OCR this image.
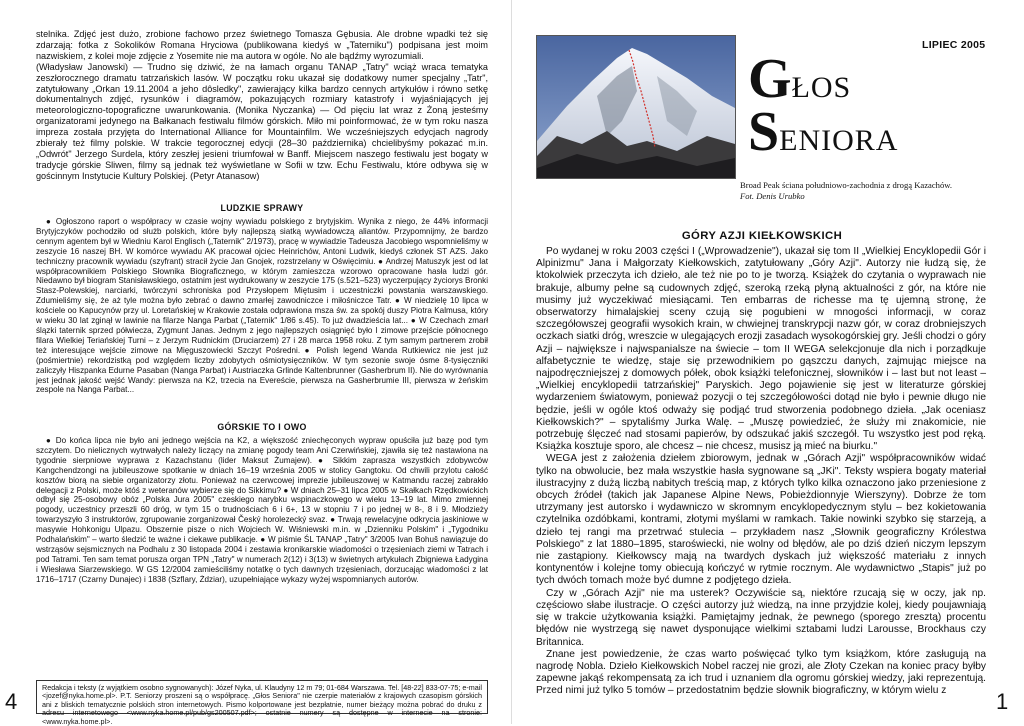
stelnika. Zdjęć jest dużo, zrobione fachowo przez świetnego Tomasza Gębusia. Ale drobne wpadki też się zdarzają: fotka z Sokolików Romana Hryciowa (publikowana kiedyś w „Taterniku") podpisana jest moim nazwiskiem, z kolei moje zdjęcie z Yosemite nie ma autora w ogóle. No ale bądźmy wyrozumiali.

(Władysław Janowski) — Trudno się dziwić, że na łamach organu TANAP „Tatry" wciąż wraca tematyka zeszłorocznego dramatu tatrzańskich lasów. W początku roku ukazał się dodatkowy numer specjalny „Tatr", zatytułowany „Orkan 19.11.2004 a jeho dôsledky", zawierający kilka bardzo cennych artykułów i równo setkę dokumentalnych zdjęć, rysunków i diagramów, pokazujących rozmiary katastrofy i wyjaśniających jej meteorologiczno-topograficzne uwarunkowania. (Monika Nyczanka) — Od pięciu lat wraz z Żoną jesteśmy organizatorami jedynego na Bałkanach festiwalu filmów górskich. Miło mi poinformować, że w tym roku nasza impreza została przyjęta do International Alliance for Mountainfilm. We wcześniejszych edycjach nagrody zbierały też filmy polskie. W trakcie tegorocznej edycji (28–30 października) chcielibyśmy pokazać m.in. „Odwrót" Jerzego Surdela, który zeszłej jesieni triumfował w Banff. Miejscem naszego festiwalu jest bogaty w tradycje górskie Sliwen, filmy są jednak też wyświetlane w Sofii w tzw. Echu Festiwalu, które odbywa się w gościnnym Instytucie Kultury Polskiej. (Petyr Atanasow)

LUDZKIE SPRAWY

● Ogłoszono raport o współpracy w czasie wojny wywiadu polskiego z brytyjskim. Wynika z niego, że 44% informacji Brytyjczyków pochodziło od służb polskich, które były najlepszą siatką wywiadowczą aliantów. Przypomnijmy, że bardzo cennym agentem był w Wiedniu Karol Englisch („Taternik" 2/1973), pracę w wywiadzie Tadeusza Jacobiego wspomnieliśmy w zeszycie 16 naszej BH. W komórce wywiadu AK pracował ojciec Heinrichów, Antoni Ludwik, kiedyś członek ST AZS. Jako techniczny pracownik wywiadu (szyfrant) stracił życie Jan Gnojek, rozstrzelany w Oświęcimiu. ● Andrzej Matuszyk jest od lat współpracownikiem Polskiego Słownika Biograficznego, w którym zamieszcza wzorowo opracowane hasła ludzi gór. Niedawno był biogram Stanisławskiego, ostatnim jest wydrukowany w zeszycie 175 (s.521–523) wyczerpujący życiorys Bronki Stasz-Polewskiej, narciarki, twórczyni schroniska pod Przysłopem Miętusim i uczestniczki powstania warszawskiego. Zdumieliśmy się, że aż tyle można było zebrać o dawno zmarłej zawodniczce i miłośniczce Tatr. ● W niedzielę 10 lipca w kościele oo Kapucynów przy ul. Loretańskiej w Krakowie została odprawiona msza św. za spokój duszy Piotra Kalmusa, który w wieku 30 lat zginął w lawinie na filarze Nanga Parbat („Taternik" 1/86 s.45). To już dwadzieścia lat... ● W Czechach zmarł ślązki taternik sprzed półwiecza, Zygmunt Janas. Jednym z jego najlepszych osiągnięć było I zimowe przejście północnego filara Wielkiej Teriańskiej Turni – z Jerzym Rudnickim (Druciarzem) 27 i 28 marca 1958 roku. Z tym samym partnerem zrobił też interesujące wejście zimowe na Mięguszowiecki Szczyt Pośredni. ● Polish legend Wanda Rutkiewicz nie jest już (pośmiertnie) rekordzistką pod względem liczby zdobytych ośmiotysięczników. W tym sezonie swoje ósme 8-tysięczniki zaliczyły Hiszpanka Edurne Pasaban (Nanga Parbat) i Austriaczka Grlinde Kaltenbrunner (Gasherbrum II). Nie do wyrównania jest jednak jakość wejść Wandy: pierwsza na K2, trzecia na Evereście, pierwsza na Gasherbrumie III, pierwsza w żeńskim zespole na Nanga Parbat...

GÓRSKIE TO I OWO

● Do końca lipca nie było ani jednego wejścia na K2, a większość zniechęconych wypraw opuściła już bazę pod tym szczytem. Do nielicznych wytrwałych należy liczący na zmianę pogody team Ani Czerwińskiej, zjawiła się też nastawiona na tygodnie sierpniowe wyprawa z Kazachstanu (lider Maksut Żumajew). ● Sikkim zaprasza wszystkich zdobywców Kangchendzongi na jubileuszowe spotkanie w dniach 16–19 września 2005 w stolicy Gangtoku. Od chwili przylotu całość kosztów biorą na siebie organizatorzy złotu. Ponieważ na czerwcowej imprezie jubileuszowej w Katmandu raczej zabrakło delegacji z Polski, może któś z weteranów wybierze się do Sikkimu? ● W dniach 25–31 lipca 2005 w Skałkach Rzędkowickich odbył się 25-osobowy obóz „Polska Jura 2005" czeskiego narybku wspinaczkowego w wieku 13–19 lat. Mimo zmiennej pogody, uczestnicy przeszli 60 dróg, w tym 15 o trudnościach 6 i 6+, 13 w stopniu 7 i po jednej w 8-, 8 i 9. Młodzieży towarzyszyło 3 instruktorów, zgrupowanie zorganizował Český horolezecký svaz. ● Trwają rewelacyjne odkrycia jaskiniowe w masywie Hohkonigu Ulpazu. Obszernie pisze o nich Wojciech W. Wiśniewski m.in. w „Dzienniku Polskim" i „Tygodniku Podhalańskim" – warto śledzić te ważne i ciekawe publikacje. ● W piśmie ŚL TANAP „Tatry" 3/2005 Ivan Bohuš nawiązuje do wstrząsów sejsmicznych na Podhalu z 30 listopada 2004 i zestawia kronikarskie wiadomości o trzęsieniach ziemi w Tatrach i pod Tatrami. Ten sam temat porusza organ TPN „Tatry" w numerach 2(12) i 3(13) w świetnych artykułach Zbigniewa Ładygina i Wiesława Siarzewskiego. W GS 12/2004 zamieściliśmy notatkę o tych dawnych trzęsieniach, dorzucając wiadomości z lat 1716–1717 (Czarny Dunajec) i 1838 (Szflary, Żdziar), uzupełniające wykazy wyżej wspomnianych autorów.

Redakcja i teksty (z wyjątkiem osobno sygnowanych): Józef Nyka, ul. Klaudyny 12 m 79; 01-684 Warszawa. Tel. [48-22] 833-07-75; e-mail <jozef@nyka.home.pl>. P.T. Seniorzy proszeni są o współpracę. „Głos Seniora" nie czerpie materiałów z krajowych czasopism górskich ani z bliskich tematycznie polskich stron internetowych. Pismo kolportowane jest bezpłatnie, numer bieżący można pobrać do druku z adresu internetowego <www.nyka.home.pl/pub/gs200507.pdf>; ostatnie numery są dostępne w internecie na stronie: <www.nyka.home.pl>.

4
LIPIEC 2005
GŁOS
SENIORA
Broad Peak ściana południowo-zachodnia z drogą Kazachów.
Fot. Denis Urubko
GÓRY AZJI KIEŁKOWSKICH

Po wydanej w roku 2003 części I („Wprowadzenie"), ukazał się tom II „Wielkiej Encyklopedii Gór i Alpinizmu" Jana i Małgorzaty Kiełkowskich, zatytułowany „Góry Azji". Autorzy nie łudzą się, że ktokolwiek przeczyta ich dzieło, ale też nie po to je tworzą. Książek do czytania o wyprawach nie brakuje, albumy pełne są cudownych zdjęć, szeroką rzeką płyną aktualności z gór, na które nie musimy już wyczekiwać miesiącami. Ten embarras de richesse ma tę ujemną stronę, że obserwatorzy himalajskiej sceny czują się pogubieni w mnogości informacji, w coraz szczegółowszej geografii wysokich krain, w chwiejnej transkrypcji nazw gór, w coraz drobniejszych oczkach siatki dróg, wreszcie w ulegających erozji zasadach wysokogórskiej gry. Jeśli chodzi o góry Azji – największe i najwspanialsze na świecie – tom II WEGA selekcjonuje dla nich i porządkuje alfabetycznie te wiedzę, staje się przewodnikiem po gąszczu danych, zajmując miejsce na najpodręczniejszej z domowych półek, obok książki telefonicznej, słowników i – last but not least – „Wielkiej encyklopedii tatrzańskiej" Paryskich. Jego pojawienie się jest w literaturze górskiej wydarzeniem światowym, ponieważ pozycji o tej szczegółowości dotąd nie było i pewnie długo nie będzie, jeśli w ogóle ktoś odważy się podjąć trud stworzenia podobnego dzieła. „Jak oceniasz Kiełkowskich?" – spytaliśmy Jurka Walę. – „Muszę powiedzieć, że służy mi znakomicie, nie potrzebuję ślęczeć nad stosami papierów, by odszukać jakiś szczegół. Tu wszystko jest pod ręką. Książka kosztuje sporo, ale chcesz – nie chcesz, musisz ją mieć na biurku."

WEGA jest z założenia dziełem zbiorowym, jednak w „Górach Azji" współpracowników widać tylko na obwolucie, bez mała wszystkie hasła sygnowane są „JKi". Teksty wspiera bogaty materiał ilustracyjny z dużą liczbą nabitych treścią map, z których tylko kilka oznaczono jako przeniesione z obcych źródeł (takich jak Japanese Alpine News, Pobieżdionnyje Wierszyny). Dobrze że tom utrzymany jest autorsko i wydawniczo w skromnym encyklopedycznym stylu – bez kokietowania czytelnika ozdóbkami, kontrami, złotymi myślami w ramkach. Takie nowinki szybko się starzeją, a dzieło tej rangi ma przetrwać stulecia – przykładem nasz „Słownik geograficzny Królestwa Polskiego" z lat 1880–1895, staroświecki, nie wolny od błędów, ale po dziś dzień niczym lepszym nie zastąpiony. Kiełkowscy mają na twardych dyskach już większość materiału z innych kontynentów i kolejne tomy obiecują kończyć w rytmie rocznym. Ale wydawnictwo „Stapis" już po tych dwóch tomach może być dumne z podjętego dzieła.

Czy w „Górach Azji" nie ma usterek? Oczywiście są, niektóre rzucają się w oczy, jak np. częściowo słabe ilustracje. O części autorzy już wiedzą, na inne przyjdzie kolej, kiedy poujawniają się w trakcie użytkowania książki. Pamiętajmy jednak, że pewnego (sporego zresztą) procentu błędów nie wystrzegą się nawet dysponujące wielkimi sztabami ludzi Larousse, Brockhaus czy Britannica.

Znane jest powiedzenie, że czas warto poświęcać tylko tym książkom, które zasługują na nagrodę Nobla. Dzieło Kiełkowskich Nobel raczej nie grozi, ale Złoty Czekan na koniec pracy byłby zapewne jakąś rekompensatą za ich trud i uznaniem dla ogromu górskiej wiedzy, jaki reprezentują. Przed nimi już tylko 5 tomów – przedostatnim będzie słownik biograficzny, w którym wielu z	1
